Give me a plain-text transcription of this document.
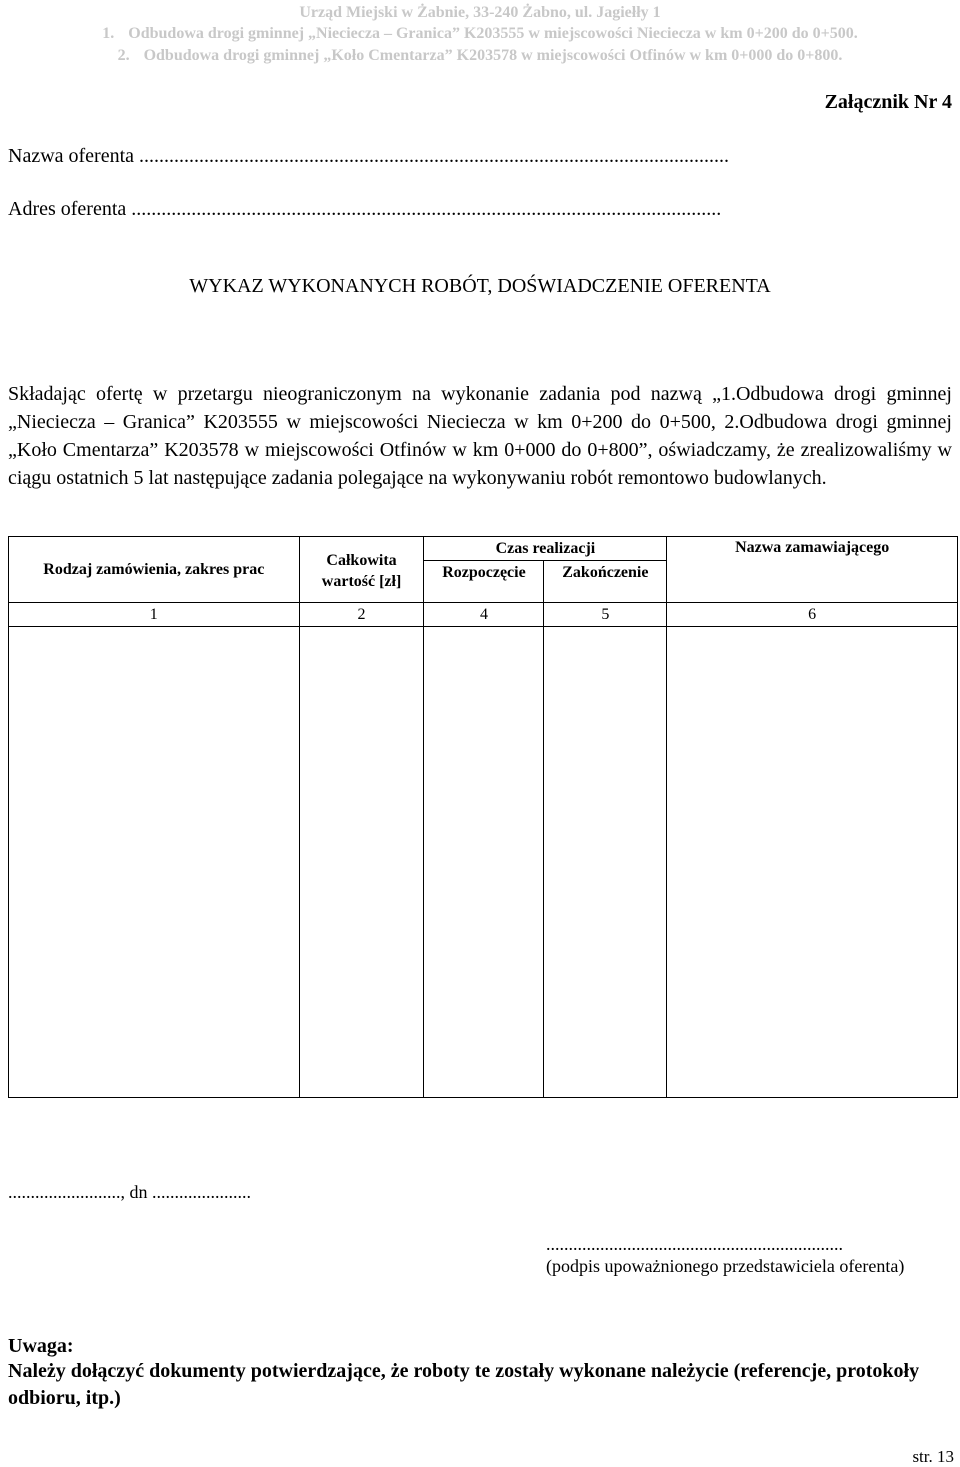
Urząd Miejski w Żabnie, 33-240 Żabno, ul. Jagiełły 1
1. Odbudowa drogi gminnej „Nieciecza – Granica” K203555 w miejscowości Nieciecza w km 0+200 do 0+500.
2. Odbudowa drogi gminnej „Koło Cmentarza” K203578 w miejscowości Otfinów w km 0+000 do 0+800.
Załącznik Nr 4
Nazwa oferenta ......................................................................................................................
Adres oferenta ......................................................................................................................
WYKAZ WYKONANYCH ROBÓT, DOŚWIADCZENIE OFERENTA
Składając ofertę w przetargu nieograniczonym na wykonanie zadania pod nazwą „1.Odbudowa drogi gminnej „Nieciecza – Granica” K203555 w miejscowości Nieciecza w km 0+200 do 0+500, 2.Odbudowa drogi gminnej „Koło Cmentarza” K203578 w miejscowości Otfinów w km 0+000 do 0+800”, oświadczamy, że zrealizowaliśmy w ciągu ostatnich 5 lat następujące zadania polegające na wykonywaniu robót remontowo budowlanych.
Rodzaj zamówienia, zakres prac	Całkowita wartość [zł]	Czas realizacji		Nazwa zamawiającego
		Rozpoczęcie	Zakończenie	
1	2	4	5	6

........................., dn ......................
..................................................................
(podpis upoważnionego przedstawiciela oferenta)
Uwaga:
Należy dołączyć dokumenty potwierdzające, że roboty te zostały wykonane należycie (referencje, protokoły odbioru, itp.)
str. 13
